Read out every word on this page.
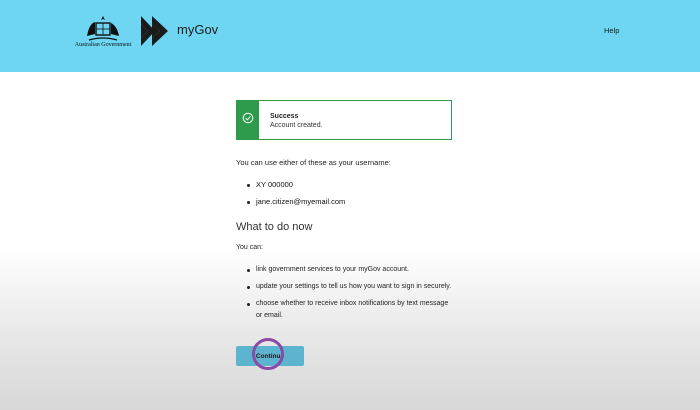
Australian Government
myGov	Help
Success
Account created.
You can use either of these as your username:
XY 000000
jane.citizen@myemail.com
What to do now
You can:
link government services to your myGov account.
update your settings to tell us how you want to sign in securely.
choose whether to receive inbox notifications by text message or email.
Continue
